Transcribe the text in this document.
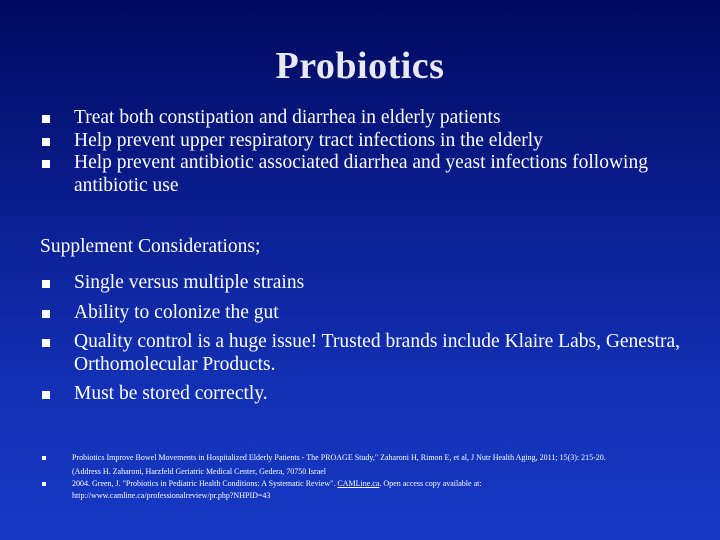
Probiotics
Treat both constipation and diarrhea in elderly patients
Help prevent upper respiratory tract infections in the elderly
Help prevent antibiotic associated diarrhea and yeast infections following antibiotic use
Supplement Considerations;
Single versus multiple strains
Ability to colonize the gut
Quality control is a huge issue! Trusted brands include Klaire Labs, Genestra, Orthomolecular Products.
Must be stored correctly.
Probiotics Improve Bowel Movements in Hospitalized Elderly Patients - The PROAGE Study," Zaharoni H, Rimon E, et al, J Nutr Health Aging, 2011; 15(3): 215-20.
(Address H. Zaharoni, Harzfeld Geriatric Medical Center, Gedera, 70750 Israel
2004. Green, J. "Probiotics in Pediatric Health Conditions: A Systematic Review". CAMLine.ca. Open access copy available at:
http://www.camline.ca/professionalreview/pr.php?NHPID=43
